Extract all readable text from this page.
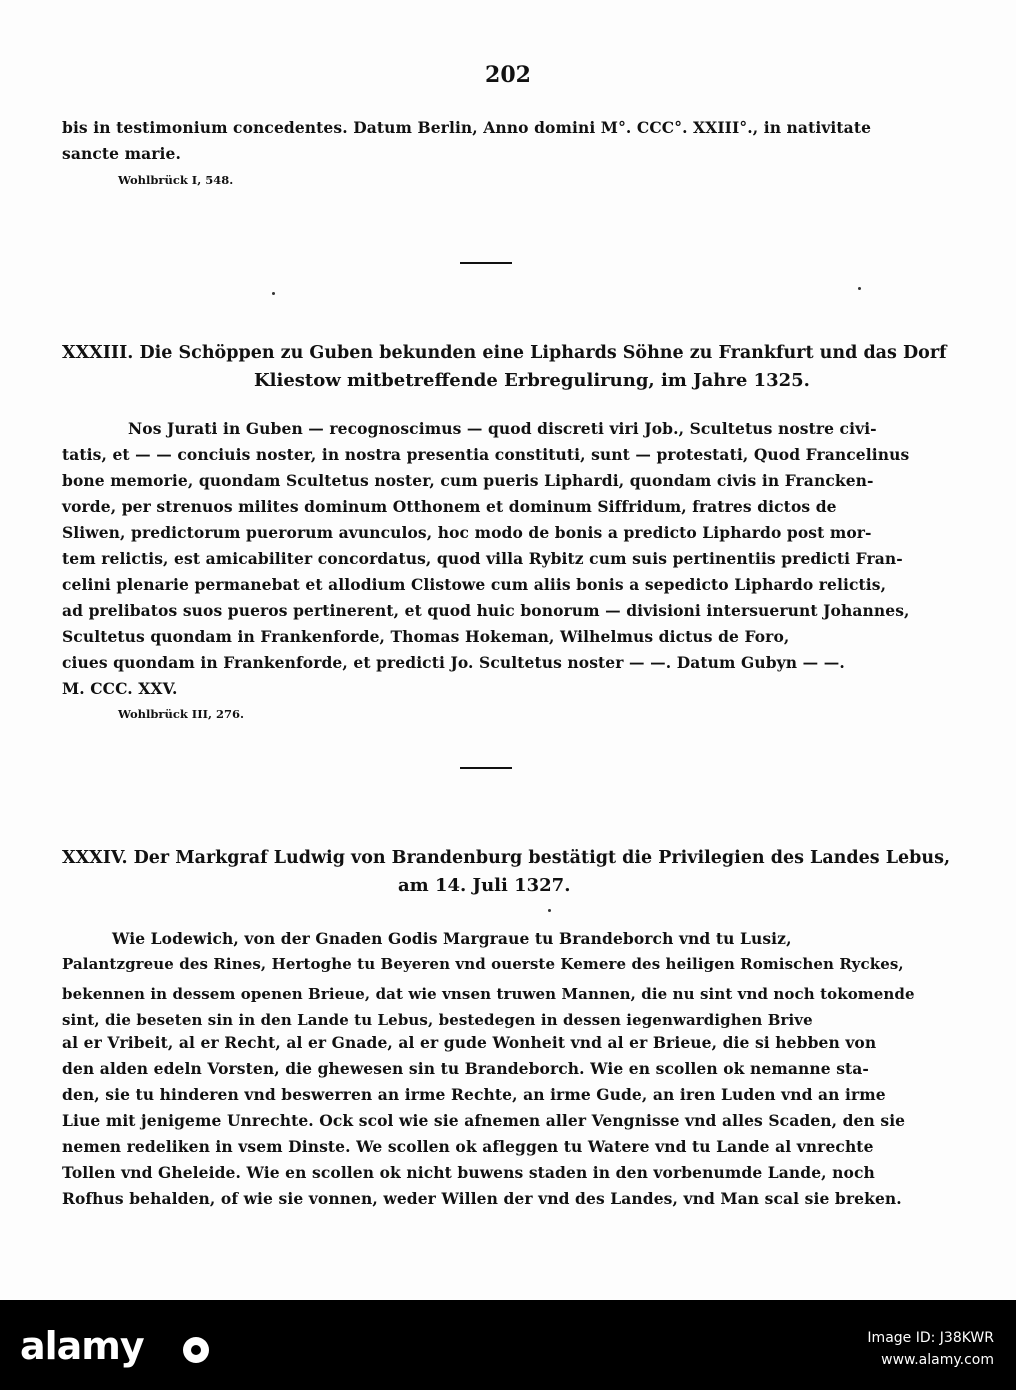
202
bis in testimonium concedentes. Datum Berlin, Anno domini M°. CCC°. XXIII°., in nativitate
sancte marie.
Wohlbrück I, 548.
XXXIII. Die Schöppen zu Guben bekunden eine Liphards Söhne zu Frankfurt und das Dorf
Kliestow mitbetreffende Erbregulirung, im Jahre 1325.
Nos Jurati in Guben — recognoscimus — quod discreti viri Job., Scultetus nostre civi-
tatis, et — — conciuis noster, in nostra presentia constituti, sunt — protestati, Quod Francelinus
bone memorie, quondam Scultetus noster, cum pueris Liphardi, quondam civis in Francken-
vorde, per strenuos milites dominum Otthonem et dominum Siffridum, fratres dictos de
Sliwen, predictorum puerorum avunculos, hoc modo de bonis a predicto Liphardo post mor-
tem relictis, est amicabiliter concordatus, quod villa Rybitz cum suis pertinentiis predicti Fran-
celini plenarie permanebat et allodium Clistowe cum aliis bonis a sepedicto Liphardo relictis,
ad prelibatos suos pueros pertinerent, et quod huic bonorum — divisioni intersuerunt Johannes,
Scultetus quondam in Frankenforde, Thomas Hokeman, Wilhelmus dictus de Foro,
ciues quondam in Frankenforde, et predicti Jo. Scultetus noster — —. Datum Gubyn — —.
M. CCC. XXV.
Wohlbrück III, 276.
XXXIV. Der Markgraf Ludwig von Brandenburg bestätigt die Privilegien des Landes Lebus,
am 14. Juli 1327.
Wie Lodewich, von der Gnaden Godis Margraue tu Brandeborch vnd tu Lusiz,
Palantzgreue des Rines, Hertoghe tu Beyeren vnd ouerste Kemere des heiligen Romischen Ryckes,
bekennen in dessem openen Brieue, dat wie vnsen truwen Mannen, die nu sint vnd noch tokomende sint, die beseten sin in den Lande tu Lebus, bestedegen in dessen iegenwardighen Brive
al er Vribeit, al er Recht, al er Gnade, al er gude Wonheit vnd al er Brieue, die si hebben von
den alden edeln Vorsten, die ghewesen sin tu Brandeborch. Wie en scollen ok nemanne sta-
den, sie tu hinderen vnd beswerren an irme Rechte, an irme Gude, an iren Luden vnd an irme
Liue mit jenigeme Unrechte. Ock scol wie sie afnemen aller Vengnisse vnd alles Scaden, den sie
nemen redeliken in vsem Dinste. We scollen ok afleggen tu Watere vnd tu Lande al vnrechte
Tollen vnd Gheleide. Wie en scollen ok nicht buwens staden in den vorbenumde Lande, noch
Rofhus behalden, of wie sie vonnen, weder Willen der vnd des Landes, vnd Man scal sie breken.
alamy	Image ID: J38KWR
www.alamy.com
